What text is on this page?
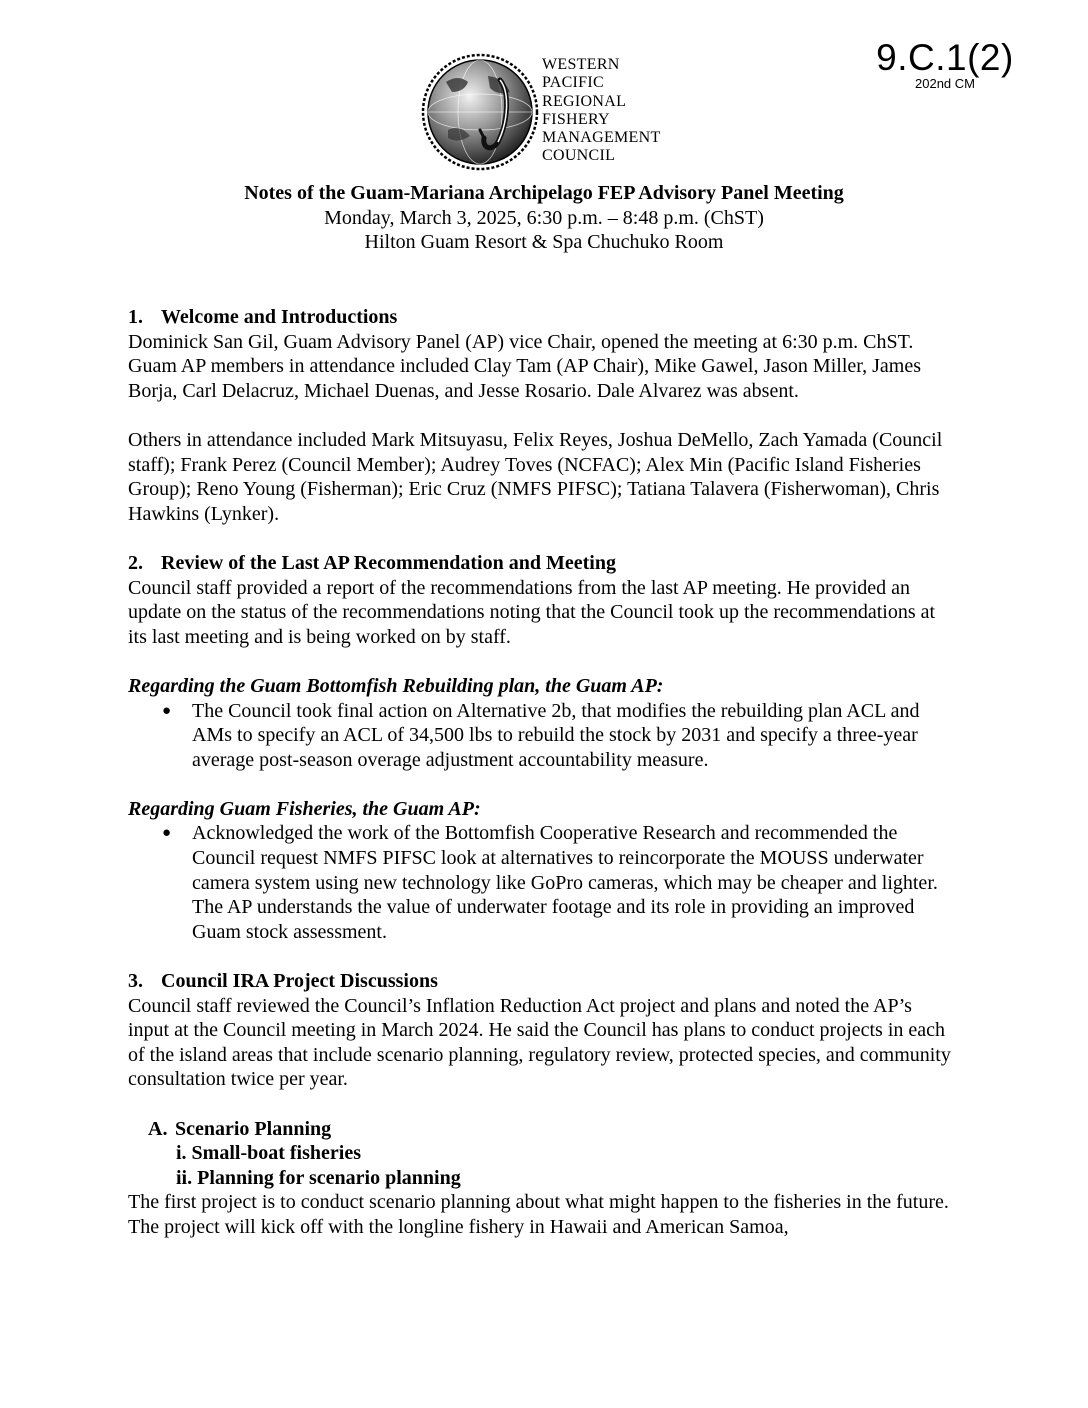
9.C.1(2)
202nd CM
WESTERN
PACIFIC
REGIONAL
FISHERY
MANAGEMENT
COUNCIL
Notes of the Guam-Mariana Archipelago FEP Advisory Panel Meeting
Monday, March 3, 2025, 6:30 p.m. – 8:48 p.m. (ChST)
Hilton Guam Resort & Spa Chuchuko Room
1. Welcome and Introductions

Dominick San Gil, Guam Advisory Panel (AP) vice Chair, opened the meeting at 6:30 p.m. ChST. Guam AP members in attendance included Clay Tam (AP Chair), Mike Gawel, Jason Miller, James Borja, Carl Delacruz, Michael Duenas, and Jesse Rosario. Dale Alvarez was absent.

Others in attendance included Mark Mitsuyasu, Felix Reyes, Joshua DeMello, Zach Yamada (Council staff); Frank Perez (Council Member); Audrey Toves (NCFAC); Alex Min (Pacific Island Fisheries Group); Reno Young (Fisherman); Eric Cruz (NMFS PIFSC); Tatiana Talavera (Fisherwoman), Chris Hawkins (Lynker).

2. Review of the Last AP Recommendation and Meeting

Council staff provided a report of the recommendations from the last AP meeting. He provided an update on the status of the recommendations noting that the Council took up the recommendations at its last meeting and is being worked on by staff.

Regarding the Guam Bottomfish Rebuilding plan, the Guam AP:

● The Council took final action on Alternative 2b, that modifies the rebuilding plan ACL and AMs to specify an ACL of 34,500 lbs to rebuild the stock by 2031 and specify a three-year average post-season overage adjustment accountability measure.

Regarding Guam Fisheries, the Guam AP:

● Acknowledged the work of the Bottomfish Cooperative Research and recommended the Council request NMFS PIFSC look at alternatives to reincorporate the MOUSS underwater camera system using new technology like GoPro cameras, which may be cheaper and lighter. The AP understands the value of underwater footage and its role in providing an improved Guam stock assessment.
3. Council IRA Project Discussions

Council staff reviewed the Council’s Inflation Reduction Act project and plans and noted the AP’s input at the Council meeting in March 2024. He said the Council has plans to conduct projects in each of the island areas that include scenario planning, regulatory review, protected species, and community consultation twice per year.

A. Scenario Planning
i. Small-boat fisheries
ii. Planning for scenario planning

The first project is to conduct scenario planning about what might happen to the fisheries in the future. The project will kick off with the longline fishery in Hawaii and American Samoa,
